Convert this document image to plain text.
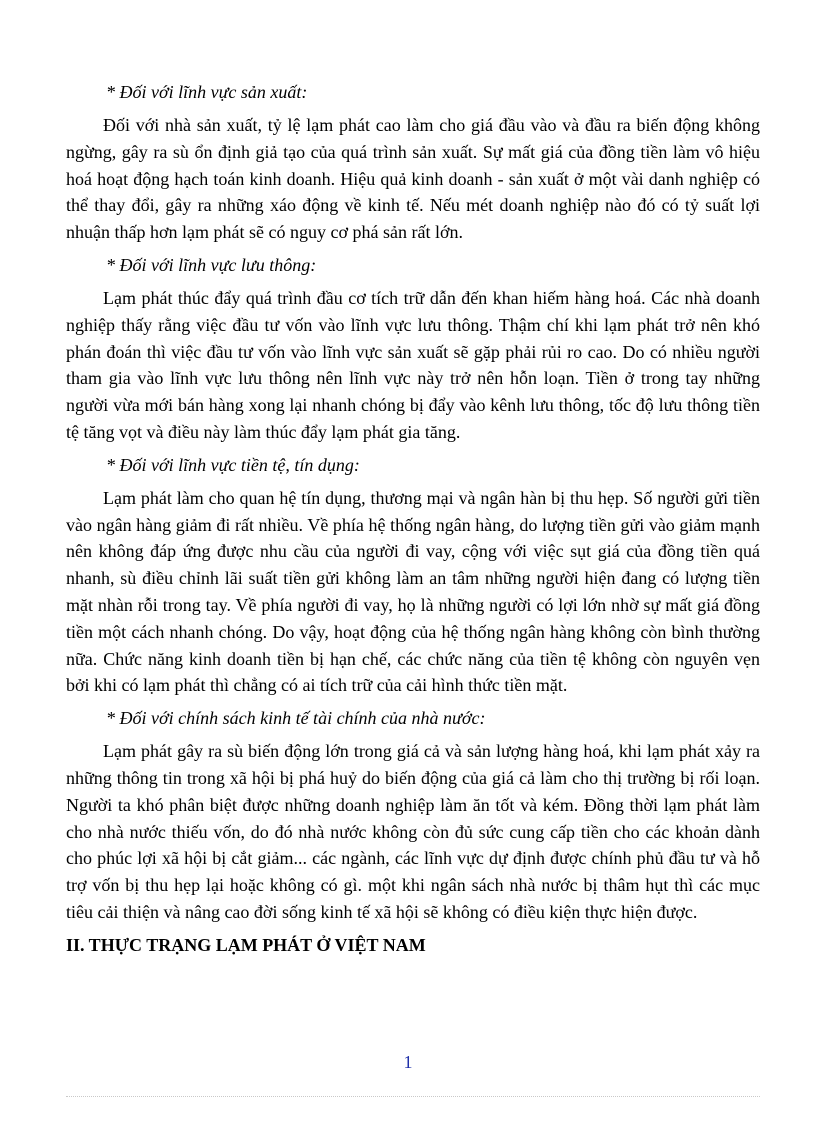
* Đối với lĩnh vực sản xuất:

Đối với nhà sản xuất, tỷ lệ lạm phát cao làm cho giá đầu vào và đầu ra biến động không ngừng, gây ra sù ổn định giả tạo của quá trình sản xuất. Sự mất giá của đồng tiền làm vô hiệu hoá hoạt động hạch toán kinh doanh. Hiệu quả kinh doanh - sản xuất ở một vài danh nghiệp có thể thay đổi, gây ra những xáo động về kinh tế. Nếu mét doanh nghiệp nào đó có tỷ suất lợi nhuận thấp hơn lạm phát sẽ có nguy cơ phá sản rất lớn.

* Đối với lĩnh vực lưu thông:

Lạm phát thúc đẩy quá trình đầu cơ tích trữ dẫn đến khan hiếm hàng hoá. Các nhà doanh nghiệp thấy rằng việc đầu tư vốn vào lĩnh vực lưu thông. Thậm chí khi lạm phát trở nên khó phán đoán thì việc đầu tư vốn vào lĩnh vực sản xuất sẽ gặp phải rủi ro cao. Do có nhiều người tham gia vào lĩnh vực lưu thông nên lĩnh vực này trở nên hỗn loạn. Tiền ở trong tay những người vừa mới bán hàng xong lại nhanh chóng bị đẩy vào kênh lưu thông, tốc độ lưu thông tiền tệ tăng vọt và điều này làm thúc đẩy lạm phát gia tăng.

* Đối với lĩnh vực tiền tệ, tín dụng:

Lạm phát làm cho quan hệ tín dụng, thương mại và ngân hàn bị thu hẹp. Số người gửi tiền vào ngân hàng giảm đi rất nhiều. Về phía hệ thống ngân hàng, do lượng tiền gửi vào giảm mạnh nên không đáp ứng được nhu cầu của người đi vay, cộng với việc sụt giá của đồng tiền quá nhanh, sù điều chỉnh lãi suất tiền gửi không làm an tâm những người hiện đang có lượng tiền mặt nhàn rỗi trong tay. Về phía người đi vay, họ là những người có lợi lớn nhờ sự mất giá đồng tiền một cách nhanh chóng. Do vậy, hoạt động của hệ thống ngân hàng không còn bình thường nữa. Chức năng kinh doanh tiền bị hạn chế, các chức năng của tiền tệ không còn nguyên vẹn bởi khi có lạm phát thì chẳng có ai tích trữ của cải hình thức tiền mặt.

* Đối với chính sách kinh tế tài chính của nhà nước:

Lạm phát gây ra sù biến động lớn trong giá cả và sản lượng hàng hoá, khi lạm phát xảy ra những thông tin trong xã hội bị phá huỷ do biến động của giá cả làm cho thị trường bị rối loạn. Người ta khó phân biệt được những doanh nghiệp làm ăn tốt và kém. Đồng thời lạm phát làm cho nhà nước thiếu vốn, do đó nhà nước không còn đủ sức cung cấp tiền cho các khoản dành cho phúc lợi xã hội bị cắt giảm... các ngành, các lĩnh vực dự định được chính phủ đầu tư và hỗ trợ vốn bị thu hẹp lại hoặc không có gì. một khi ngân sách nhà nước bị thâm hụt thì các mục tiêu cải thiện và nâng cao đời sống kinh tế xã hội sẽ không có điều kiện thực hiện được.

II. THỰC TRẠNG LẠM PHÁT Ở VIỆT NAM

1
